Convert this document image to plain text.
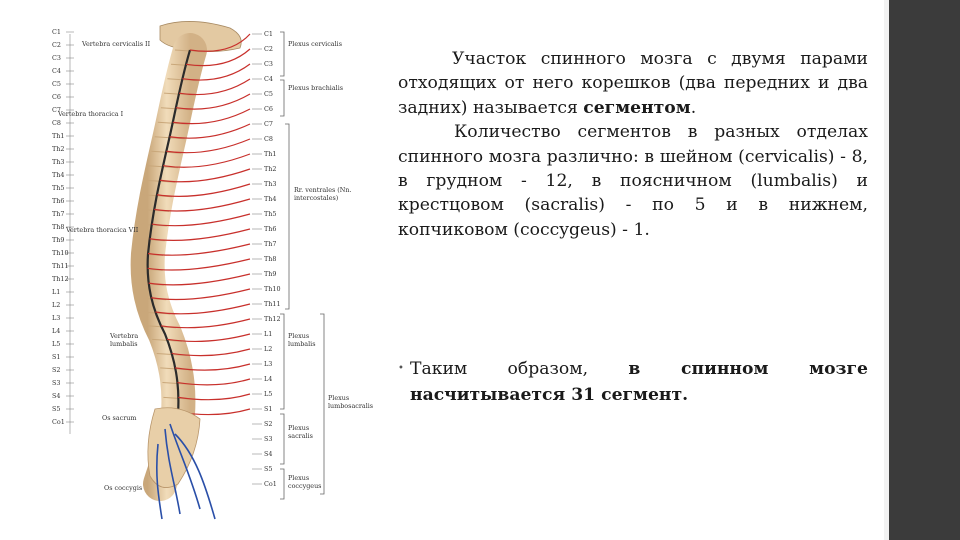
Vertebra cervicalis II
Vertebra thoracica I
Vertebra thoracica VII
Vertebra lumbalis
Os sacrum
Os coccygis
Plexus cervicalis
Plexus brachialis
Rr. ventrales (Nn. intercostales)
Plexus lumbalis
Plexus sacralis
Plexus coccygeus
Plexus lumbosacralis
C1
C2
C3
C4
C5
C6
C7
C8
Th1
Th2
Th3
Th4
Th5
Th6
Th7
Th8
Th9
Th10
Th11
Th12
L1
L2
L3
L4
L5
S1
S2
S3
S4
S5
Co1
C1
C2
C3
C4
C5
C6
C7
C8
Th1
Th2
Th3
Th4
Th5
Th6
Th7
Th8
Th9
Th10
Th11
Th12
L1
L2
L3
L4
L5
S1
S2
S3
S4
S5
Co1

Участок спинного мозга с двумя парами отходящих от него корешков (два передних и два задних) называется сегментом.

Количество сегментов в разных отделах спинного мозга различно: в шейном (cervicalis) - 8, в грудном - 12, в поясничном (lumbalis) и крестцовом (sacralis) - по 5 и в нижнем, копчиковом (coccygeus) - 1.

• Таким образом, в спинном мозге насчитывается 31 сегмент.
